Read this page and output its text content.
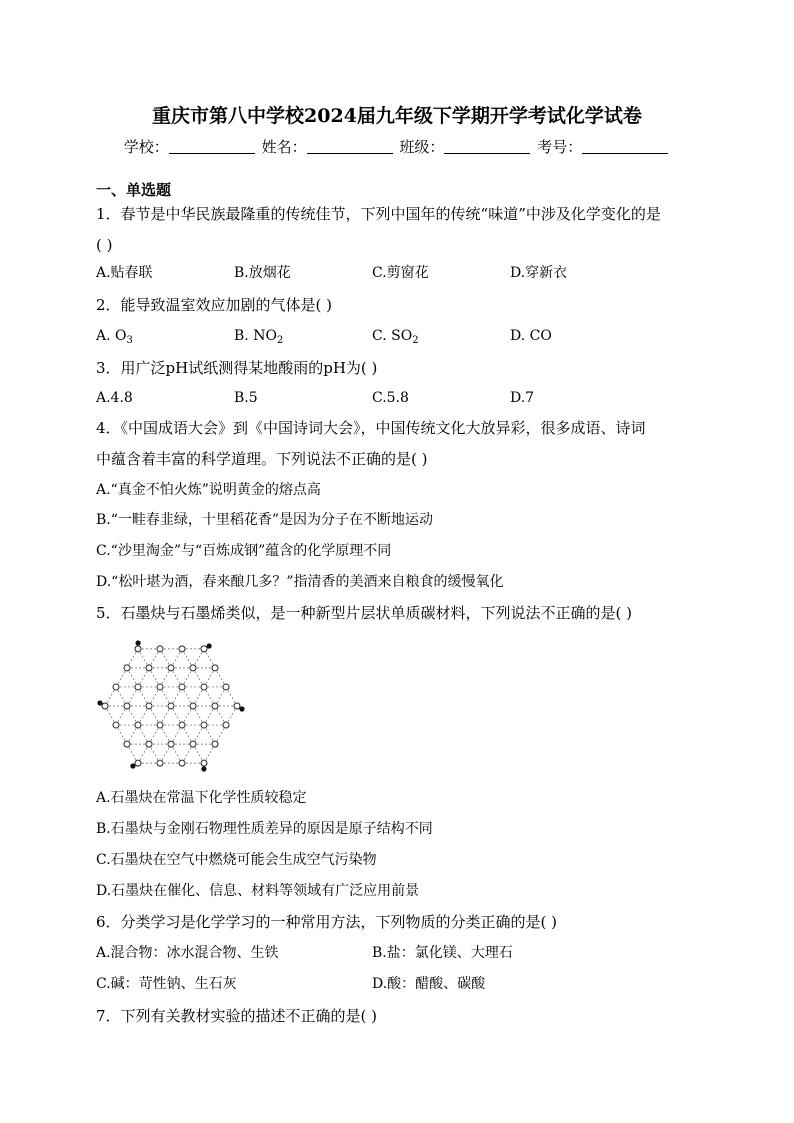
重庆市第八中学校2024届九年级下学期开学考试化学试卷
学校：	姓名：	班级：	考号：
一、单选题
1．春节是中华民族最隆重的传统佳节，下列中国年的传统“味道”中涉及化学变化的是
( )
A.贴春联	B.放烟花	C.剪窗花	D.穿新衣
2．能导致温室效应加剧的气体是( )
A. $O_3$	B. $NO_2$	C. $SO_2$	D. CO
3．用广泛pH试纸测得某地酸雨的pH为( )
A.4.8	B.5	C.5.8	D.7
4．《中国成语大会》到《中国诗词大会》，中国传统文化大放异彩，很多成语、诗词
中蕴含着丰富的科学道理。下列说法不正确的是( )
A.“真金不怕火炼”说明黄金的熔点高
B.“一畦春韭绿，十里稻花香”是因为分子在不断地运动
C.“沙里淘金”与“百炼成钢”蕴含的化学原理不同
D.“松叶堪为酒，春来酿几多？”指清香的美酒来自粮食的缓慢氧化
5．石墨炔与石墨烯类似，是一种新型片层状单质碳材料，下列说法不正确的是( )
A.石墨炔在常温下化学性质较稳定
B.石墨炔与金刚石物理性质差异的原因是原子结构不同
C.石墨炔在空气中燃烧可能会生成空气污染物
D.石墨炔在催化、信息、材料等领域有广泛应用前景
6．分类学习是化学学习的一种常用方法，下列物质的分类正确的是( )
A.混合物：冰水混合物、生铁	B.盐：氯化镁、大理石
C.碱：苛性钠、生石灰	D.酸：醋酸、碳酸
7．下列有关教材实验的描述不正确的是( )
